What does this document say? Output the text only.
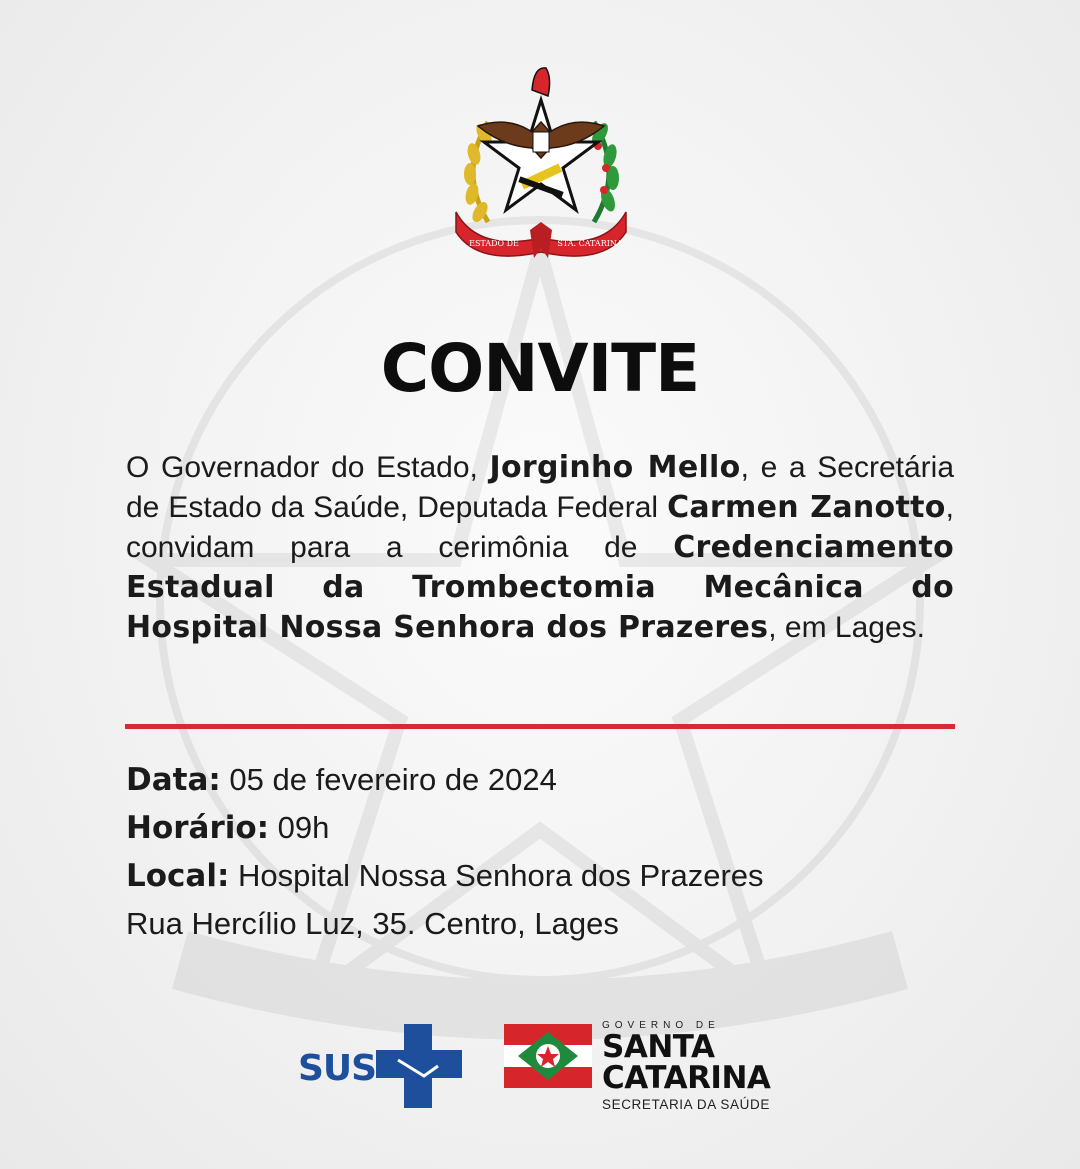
ESTADO DE	STA. CATARINA
CONVITE
O Governador do Estado, Jorginho Mello, e a Secretária de Estado da Saúde, Deputada Federal Carmen Zanotto, convidam para a cerimônia de Credenciamento Estadual da Trombectomia Mecânica do Hospital Nossa Senhora dos Prazeres, em Lages.
Data: 05 de fevereiro de 2024
Horário: 09h
Local: Hospital Nossa Senhora dos Prazeres
Rua Hercílio Luz, 35. Centro, Lages
SUS
GOVERNO DE
SANTA
CATARINA
SECRETARIA DA SAÚDE
